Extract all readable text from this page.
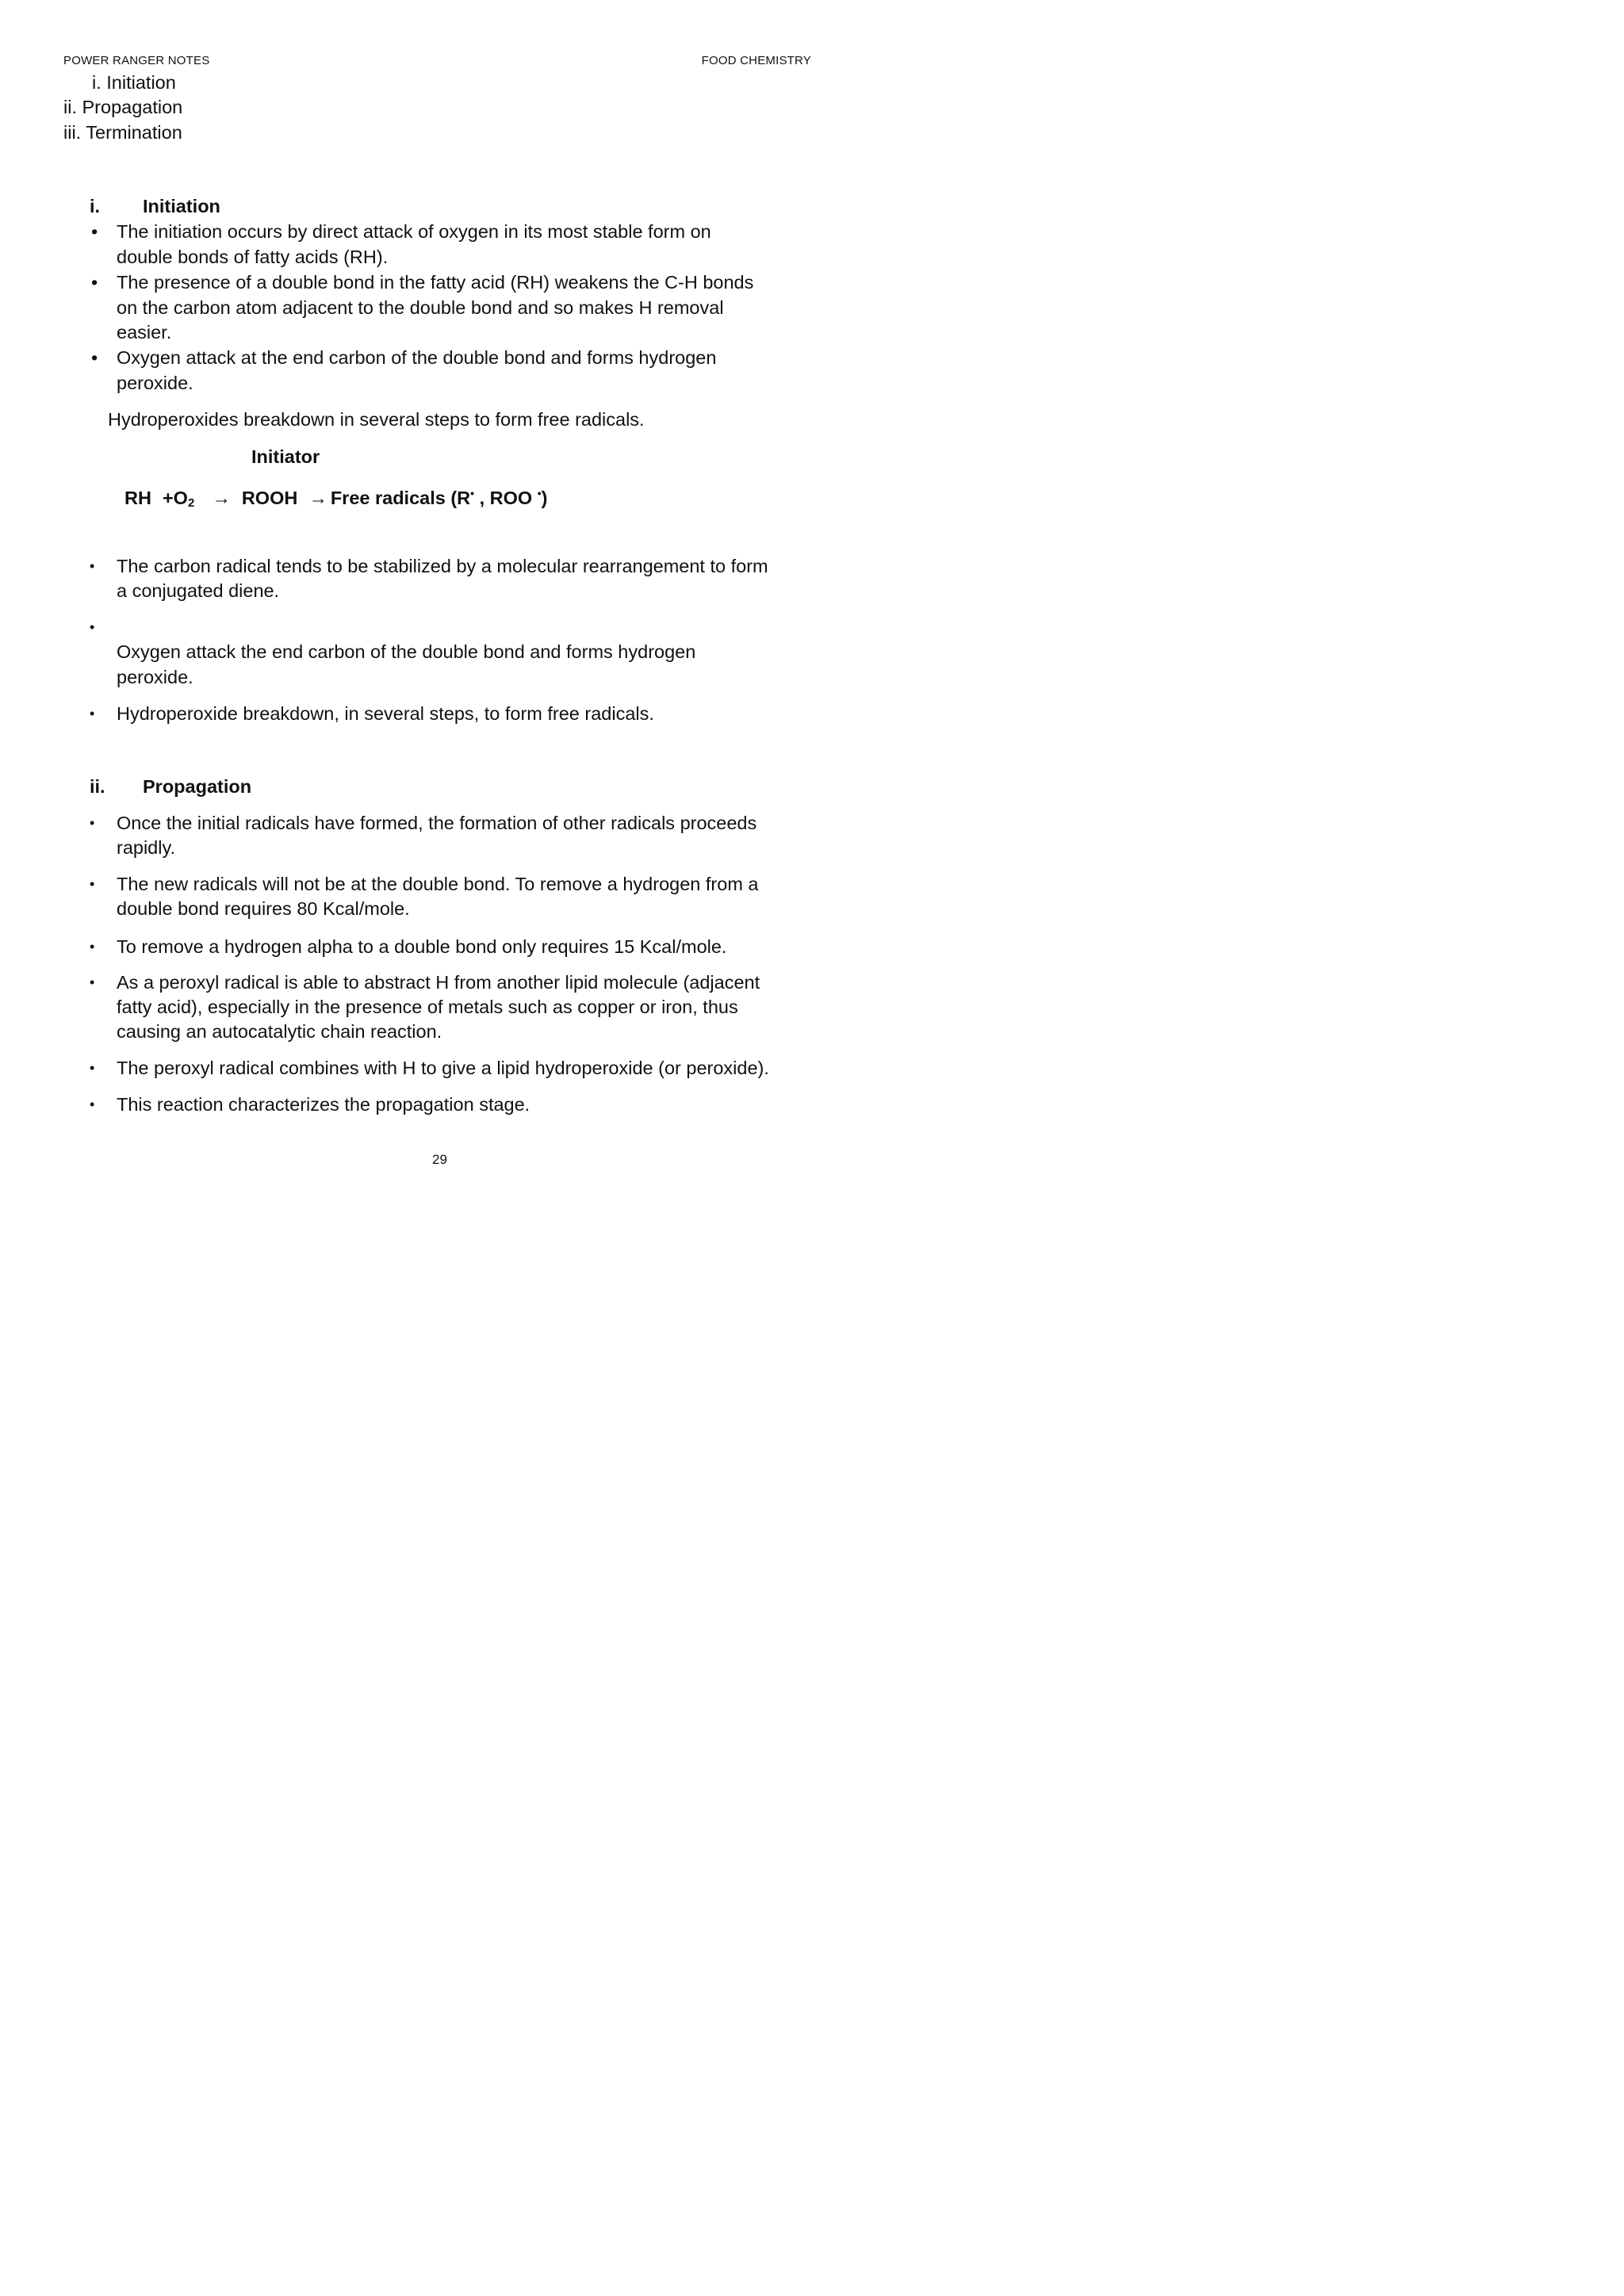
POWER RANGER NOTES	FOOD CHEMISTRY
i. Initiation
ii. Propagation
iii. Termination
i. Initiation
• The initiation occurs by direct attack of oxygen in its most stable form on
double bonds of fatty acids (RH).
• The presence of a double bond in the fatty acid (RH) weakens the C-H bonds
on the carbon atom adjacent to the double bond and so makes H removal
easier.
• Oxygen attack at the end carbon of the double bond and forms hydrogen
peroxide.
Hydroperoxides breakdown in several steps to form free radicals.
Initiator
RH $+O_2$ → ROOH → Free radicals (R• , ROO •)
• The carbon radical tends to be stabilized by a molecular rearrangement to form
a conjugated diene.
•
Oxygen attack the end carbon of the double bond and forms hydrogen
peroxide.
• Hydroperoxide breakdown, in several steps, to form free radicals.
ii. Propagation
• Once the initial radicals have formed, the formation of other radicals proceeds
rapidly.
• The new radicals will not be at the double bond. To remove a hydrogen from a
double bond requires 80 Kcal/mole.
• To remove a hydrogen alpha to a double bond only requires 15 Kcal/mole.
• As a peroxyl radical is able to abstract H from another lipid molecule (adjacent
fatty acid), especially in the presence of metals such as copper or iron, thus
causing an autocatalytic chain reaction.
• The peroxyl radical combines with H to give a lipid hydroperoxide (or peroxide).
• This reaction characterizes the propagation stage.
29
